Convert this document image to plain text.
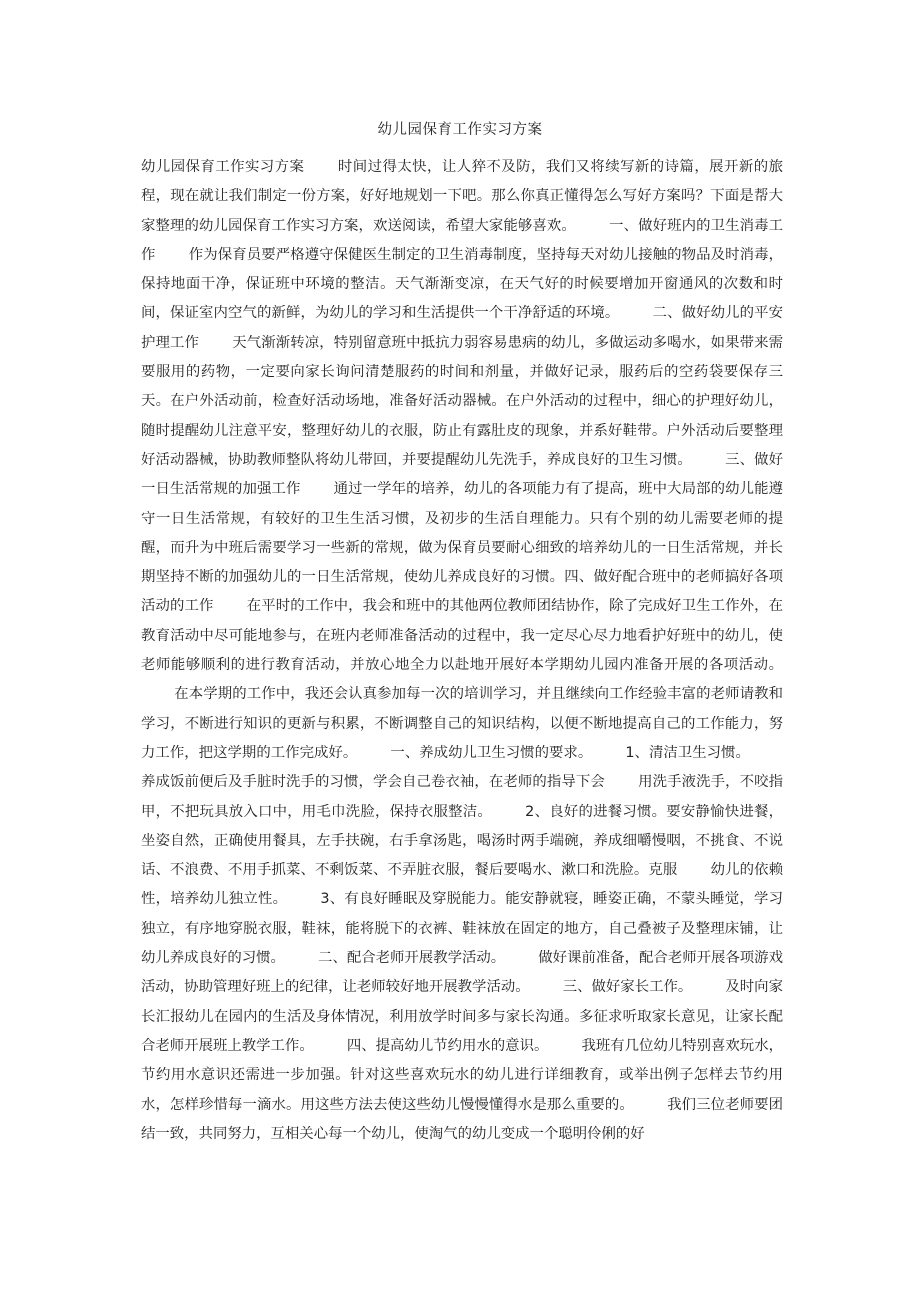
幼儿园保育工作实习方案

幼儿园保育工作实习方案 时间过得太快，让人猝不及防，我们又将续写新的诗篇，展开新的旅程，现在就让我们制定一份方案，好好地规划一下吧。那么你真正懂得怎么写好方案吗？下面是帮大家整理的幼儿园保育工作实习方案，欢送阅读，希望大家能够喜欢。 一、做好班内的卫生消毒工作 作为保育员要严格遵守保健医生制定的卫生消毒制度，坚持每天对幼儿接触的物品及时消毒，保持地面干净，保证班中环境的整洁。天气渐渐变凉，在天气好的时候要增加开窗通风的次数和时间，保证室内空气的新鲜，为幼儿的学习和生活提供一个干净舒适的环境。 二、做好幼儿的平安护理工作 天气渐渐转凉，特别留意班中抵抗力弱容易患病的幼儿，多做运动多喝水，如果带来需要服用的药物，一定要向家长询问清楚服药的时间和剂量，并做好记录，服药后的空药袋要保存三天。在户外活动前，检查好活动场地，准备好活动器械。在户外活动的过程中，细心的护理好幼儿，随时提醒幼儿注意平安，整理好幼儿的衣服，防止有露肚皮的现象，并系好鞋带。户外活动后要整理好活动器械，协助教师整队将幼儿带回，并要提醒幼儿先洗手，养成良好的卫生习惯。 三、做好一日生活常规的加强工作 通过一学年的培养，幼儿的各项能力有了提高，班中大局部的幼儿能遵守一日生活常规，有较好的卫生生活习惯，及初步的生活自理能力。只有个别的幼儿需要老师的提醒，而升为中班后需要学习一些新的常规，做为保育员要耐心细致的培养幼儿的一日生活常规，并长期坚持不断的加强幼儿的一日生活常规，使幼儿养成良好的习惯。四、做好配合班中的老师搞好各项活动的工作 在平时的工作中，我会和班中的其他两位教师团结协作，除了完成好卫生工作外，在教育活动中尽可能地参与，在班内老师准备活动的过程中，我一定尽心尽力地看护好班中的幼儿，使老师能够顺利的进行教育活动，并放心地全力以赴地开展好本学期幼儿园内准备开展的各项活动。在本学期的工作中，我还会认真参加每一次的培训学习，并且继续向工作经验丰富的老师请教和学习，不断进行知识的更新与积累，不断调整自己的知识结构，以便不断地提高自己的工作能力，努力工作，把这学期的工作完成好。 一、养成幼儿卫生习惯的要求。 1、清洁卫生习惯。养成饭前便后及手脏时洗手的习惯，学会自己卷衣袖，在老师的指导下会 用洗手液洗手，不咬指甲，不把玩具放入口中，用毛巾洗脸，保持衣服整洁。 2、良好的进餐习惯。要安静愉快进餐，坐姿自然，正确使用餐具，左手扶碗，右手拿汤匙，喝汤时两手端碗，养成细嚼慢咽，不挑食、不说话、不浪费、不用手抓菜、不剩饭菜、不弄脏衣服，餐后要喝水、漱口和洗脸。克服 幼儿的依赖性，培养幼儿独立性。 3、有良好睡眠及穿脱能力。能安静就寝，睡姿正确，不蒙头睡觉，学习独立，有序地穿脱衣服，鞋袜，能将脱下的衣裤、鞋袜放在固定的地方，自己叠被子及整理床铺，让幼儿养成良好的习惯。 二、配合老师开展教学活动。 做好课前准备，配合老师开展各项游戏活动，协助管理好班上的纪律，让老师较好地开展教学活动。 三、做好家长工作。 及时向家长汇报幼儿在园内的生活及身体情况，利用放学时间多与家长沟通。多征求听取家长意见，让家长配合老师开展班上教学工作。 四、提高幼儿节约用水的意识。 我班有几位幼儿特别喜欢玩水，节约用水意识还需进一步加强。针对这些喜欢玩水的幼儿进行详细教育，或举出例子怎样去节约用水，怎样珍惜每一滴水。用这些方法去使这些幼儿慢慢懂得水是那么重要的。 我们三位老师要团结一致，共同努力，互相关心每一个幼儿，使淘气的幼儿变成一个聪明伶俐的好
